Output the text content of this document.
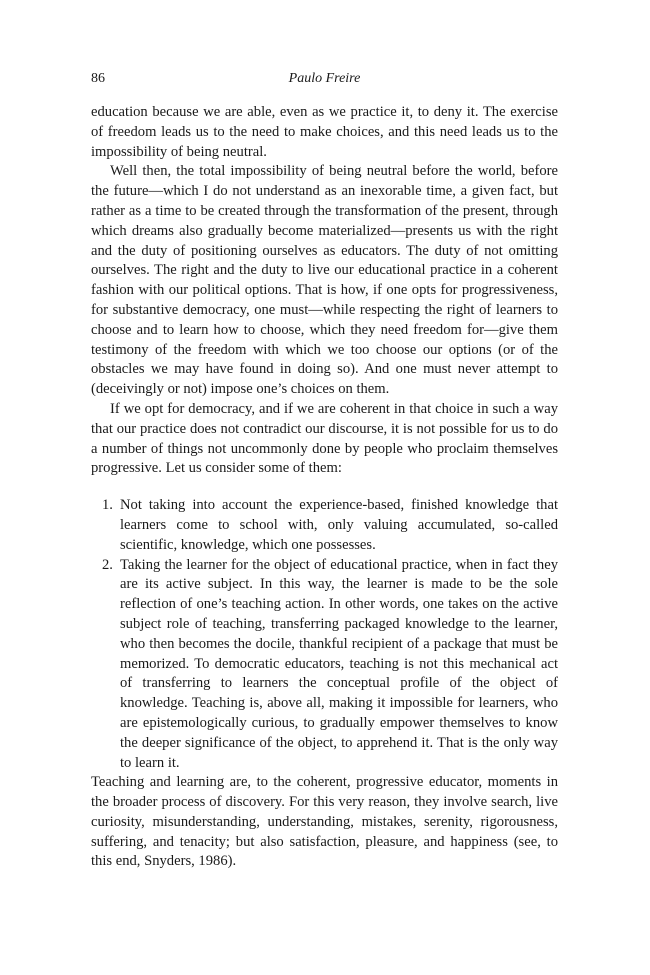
86	Paulo Freire

education because we are able, even as we practice it, to deny it. The exercise of freedom leads us to the need to make choices, and this need leads us to the impossibility of being neutral.

Well then, the total impossibility of being neutral before the world, before the future—which I do not understand as an inexorable time, a given fact, but rather as a time to be created through the transformation of the present, through which dreams also gradually become materialized—presents us with the right and the duty of positioning ourselves as educators. The duty of not omitting ourselves. The right and the duty to live our educational practice in a coherent fashion with our political options. That is how, if one opts for progressiveness, for substantive democracy, one must—while respecting the right of learners to choose and to learn how to choose, which they need freedom for—give them testimony of the freedom with which we too choose our options (or of the obstacles we may have found in doing so). And one must never attempt to (deceivingly or not) impose one’s choices on them.

If we opt for democracy, and if we are coherent in that choice in such a way that our practice does not contradict our discourse, it is not possible for us to do a number of things not uncommonly done by people who proclaim themselves progressive. Let us consider some of them:

1. Not taking into account the experience-based, finished knowledge that learners come to school with, only valuing accumulated, so-called scientific, knowledge, which one possesses.
2. Taking the learner for the object of educational practice, when in fact they are its active subject. In this way, the learner is made to be the sole reflection of one’s teaching action. In other words, one takes on the active subject role of teaching, transferring packaged knowledge to the learner, who then becomes the docile, thankful recipient of a package that must be memorized. To democratic educators, teaching is not this mechanical act of transferring to learners the conceptual profile of the object of knowledge. Teaching is, above all, making it impossible for learners, who are epistemologically curious, to gradually empower themselves to know the deeper significance of the object, to apprehend it. That is the only way to learn it.

Teaching and learning are, to the coherent, progressive educator, moments in the broader process of discovery. For this very reason, they involve search, live curiosity, misunderstanding, understanding, mistakes, serenity, rigorousness, suffering, and tenacity; but also satisfaction, pleasure, and happiness (see, to this end, Snyders, 1986).
